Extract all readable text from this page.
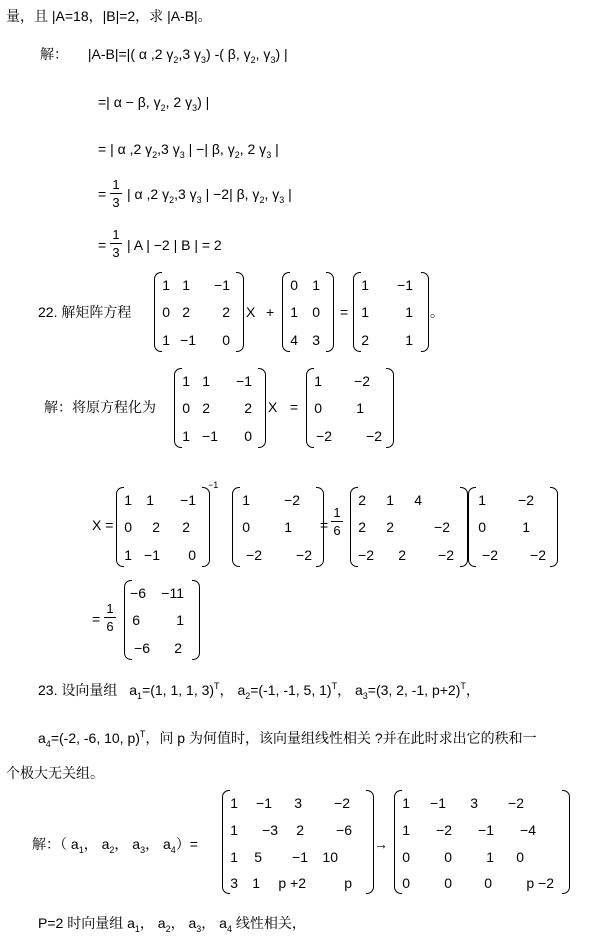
量，且 |A=18，|B|=2，求 |A-B|。
解： |A-B|=|( α ,2 $\gamma_2,3$ $\gamma_3$) -( β, $\gamma_2$, $\gamma_3$) |
=| α − β, $\gamma_2$, 2 $\gamma_3$) |
= | α ,2 $\gamma_2,3$ $\gamma_3$ | −| β, $\gamma_2$, 2 $\gamma_3$ |
=
1
3
| α ,2 $\gamma_2,3$ $\gamma_3$ | −2| β, $\gamma_2$, $\gamma_3$ |
=
1
3 | A | −2 | B | = 2
22. 解矩阵方程
1 1	−1
0 2	2
1 −1	0
X +
0	1
1	0
4	3
=
1	−1
1	1
2	1
。
解：将原方程化为
1 1	−1
0 2	2
1 −1	0
X =
1	−2
0	1
−2	−2
X =
1	1	−1
0	2	2
1 −1	0
−1
1	−2
0	1
−2	−2
=
1
6
2	1	4
2	2	−2
−2	2	−2
1	−2
0	1
−2	−2
=
1
6
−6	−11
6	1
−6	2
23. 设向量组 $a_1=(1$, 1, 1, 3)$^T$， $a_2=(-1$, -1, 5, 1)$^T$， $a_3=(3$, 2, -1, p+2)$^T$，
$a_4=(-2$, -6, 10, p)$^T$，问 p 为何值时，该向量组线性相关 ?并在此时求出它的秩和一
个极大无关组。
解：（ $a_1$， $a_2$， $a_3$， $a_4)=$
1	−1	3	−2
1	−3	2	−6
1	5 −1	10
3	1	p +2	p
→
1	−1	3	−2
1	−2	−1	−4
0	0	1	0
0	0	0	p −2
P=2 时向量组 $a_1$， $a_2$， $a_3$， $a_4$ 线性相关，
